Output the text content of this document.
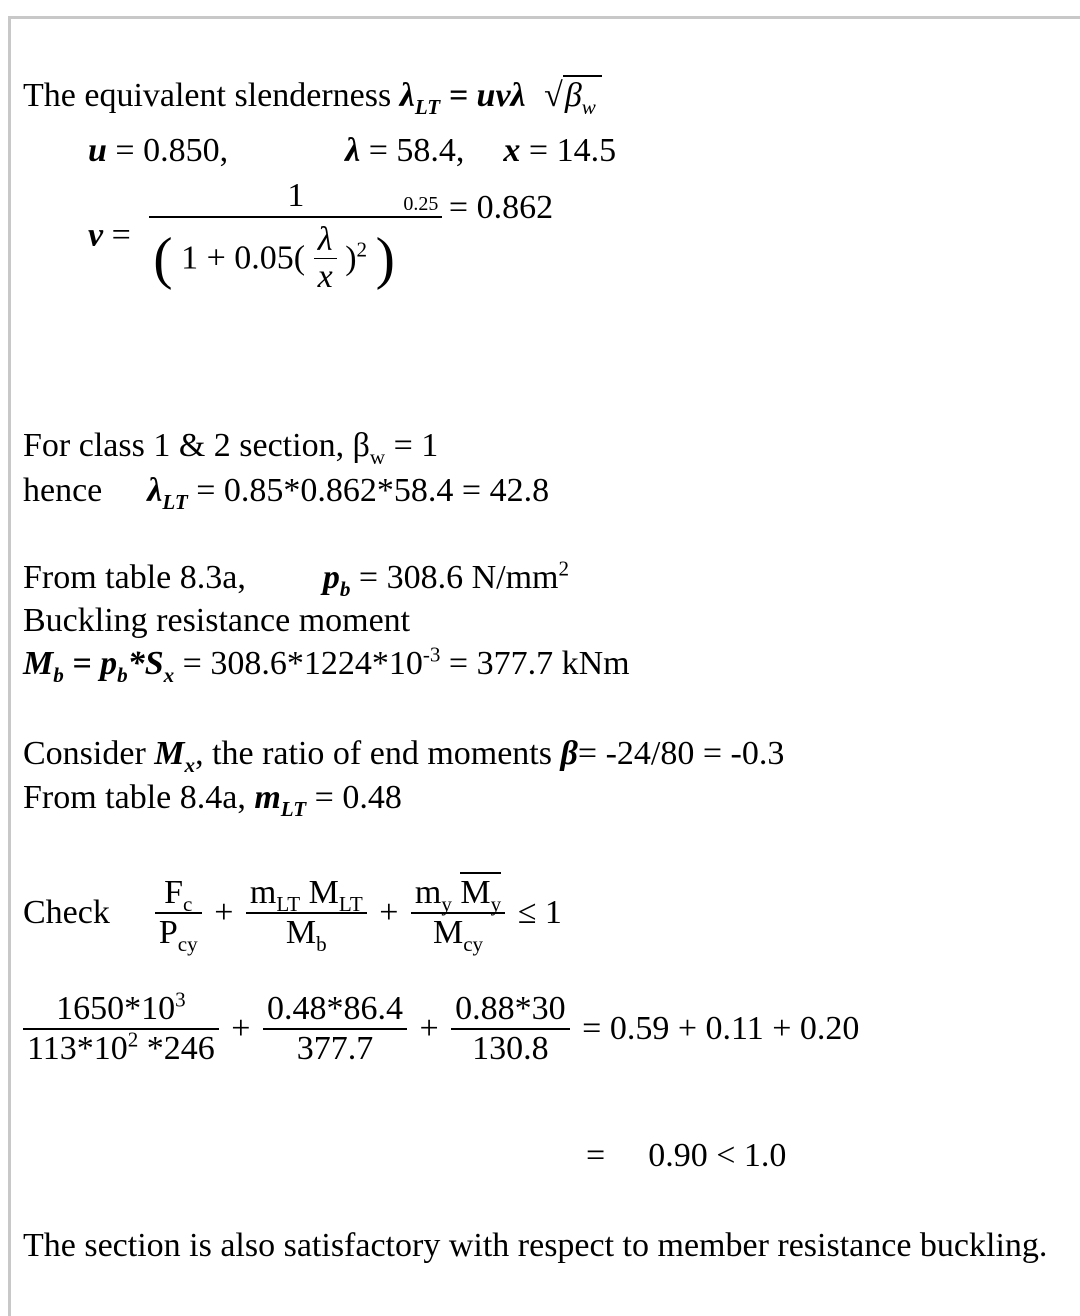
The equivalent slenderness $\lambda_{LT} = uv\lambda$ $√\beta_w$
u = 0.850,	λ = 58.4, x = 14.5
v =
1
( $1 + 0.05( \frac{\lambda}{x} )^2$ ) $^{0.25}$ = 0.862
For class 1 & 2 section, $\beta_w = 1$
hence $\lambda_{LT} = 0.85*0.862*58.4 = 42.8$
From table 8.3a, $p_b = 308.6$ $N/mm^2$
Buckling resistance moment
$M_b = p_b*S_x = 308.6*1224*10^{-3} = 377.7$ kNm
Consider $M_x$, the ratio of end moments β= -24/80 = -0.3
From table 8.4a, $m_{LT} = 0.48$
Check $\frac{F_c}{P_{cy}} + \frac{m_{LT} M_{LT}}{M_b} + \frac{m_y M_y}{M_{cy}} \le 1$
$\frac{1650*10^3}{113*10^2 *246} + \frac{0.48*86.4}{377.7} + \frac{0.88*30}{130.8} = 0.59 + 0.11 + 0.20$
= 0.90 < 1.0
The section is also satisfactory with respect to member resistance buckling.
